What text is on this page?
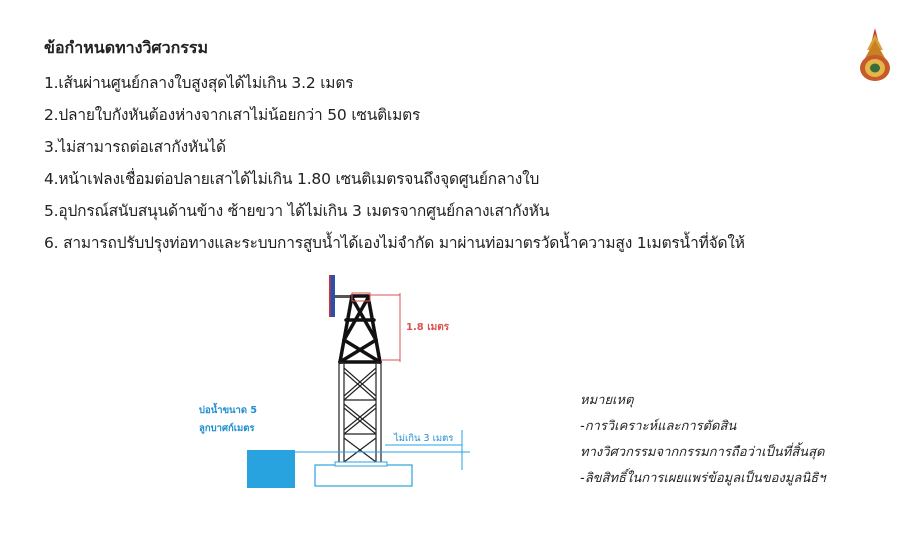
ข้อกำหนดทางวิศวกรรม
1.เส้นผ่านศูนย์กลางใบสูงสุดได้ไม่เกิน 3.2 เมตร
2.ปลายใบกังหันต้องห่างจากเสาไม่น้อยกว่า 50 เซนติเมตร
3.ไม่สามารถต่อเสากังหันได้
4.หน้าเฟลงเชื่อมต่อปลายเสาได้ไม่เกิน 1.80 เซนติเมตรจนถึงจุดศูนย์กลางใบ
5.อุปกรณ์สนับสนุนด้านข้าง ซ้ายขวา ได้ไม่เกิน 3 เมตรจากศูนย์กลางเสากังหัน
6. สามารถปรับปรุงท่อทางและระบบการสูบน้ำได้เองไม่จำกัด มาผ่านท่อมาตรวัดน้ำความสูง 1เมตรน้ำที่จัดให้
1.8 เมตร
ไม่เกิน 3 เมตร
บ่อน้ำขนาด 5
ลูกบาศก์เมตร
หมายเหตุ
-การวิเคราะห์และการตัดสิน
ทางวิศวกรรมจากกรรมการถือว่าเป็นที่สิ้นสุด
-ลิขสิทธิ์ในการเผยแพร่ข้อมูลเป็นของมูลนิธิฯ
